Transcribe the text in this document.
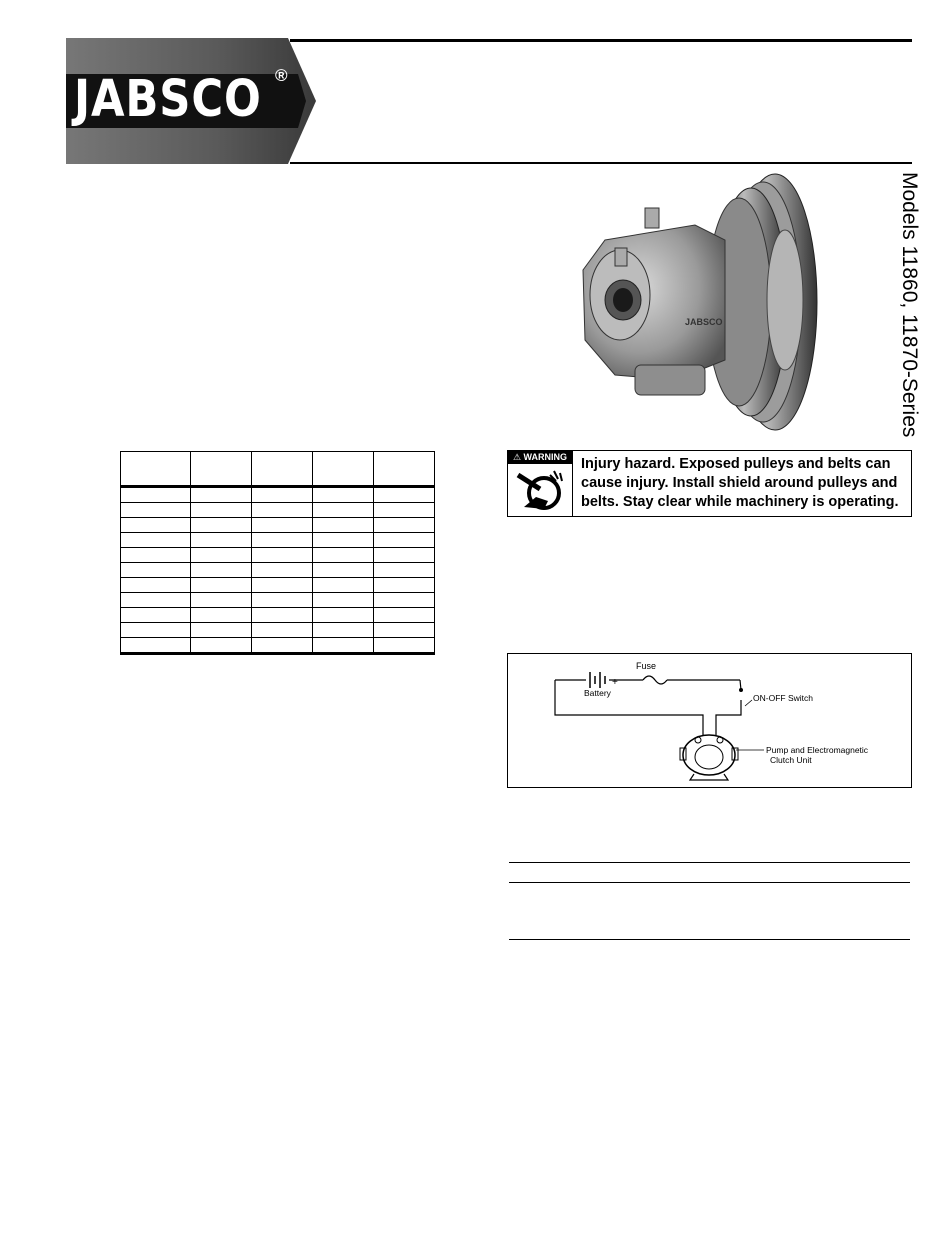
JABSCO ®
Models 11860, 11870-Series
JABSCO

⚠ WARNING Injury hazard. Exposed pulleys and belts can cause injury. Install shield around pulleys and belts. Stay clear while machinery is operating.
Fuse
–	+
Battery	ON-OFF Switch
Pump and Electromagnetic
Clutch Unit
